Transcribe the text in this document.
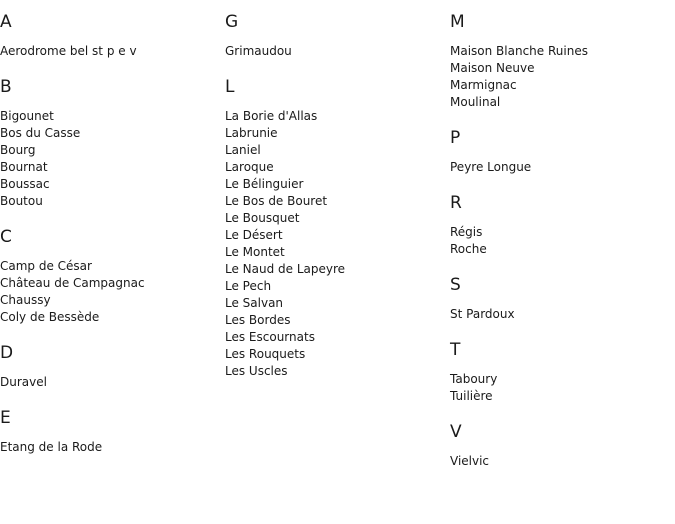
A
Aerodrome bel st p e v
B
Bigounet
Bos du Casse
Bourg
Bournat
Boussac
Boutou
C
Camp de César
Château de Campagnac
Chaussy
Coly de Bessède
D
Duravel
E
Etang de la Rode
G
Grimaudou
L
La Borie d'Allas
Labrunie
Laniel
Laroque
Le Bélinguier
Le Bos de Bouret
Le Bousquet
Le Désert
Le Montet
Le Naud de Lapeyre
Le Pech
Le Salvan
Les Bordes
Les Escournats
Les Rouquets
Les Uscles
M
Maison Blanche Ruines
Maison Neuve
Marmignac
Moulinal
P
Peyre Longue
R
Régis
Roche
S
St Pardoux
T
Taboury
Tuilière
V
Vielvic
